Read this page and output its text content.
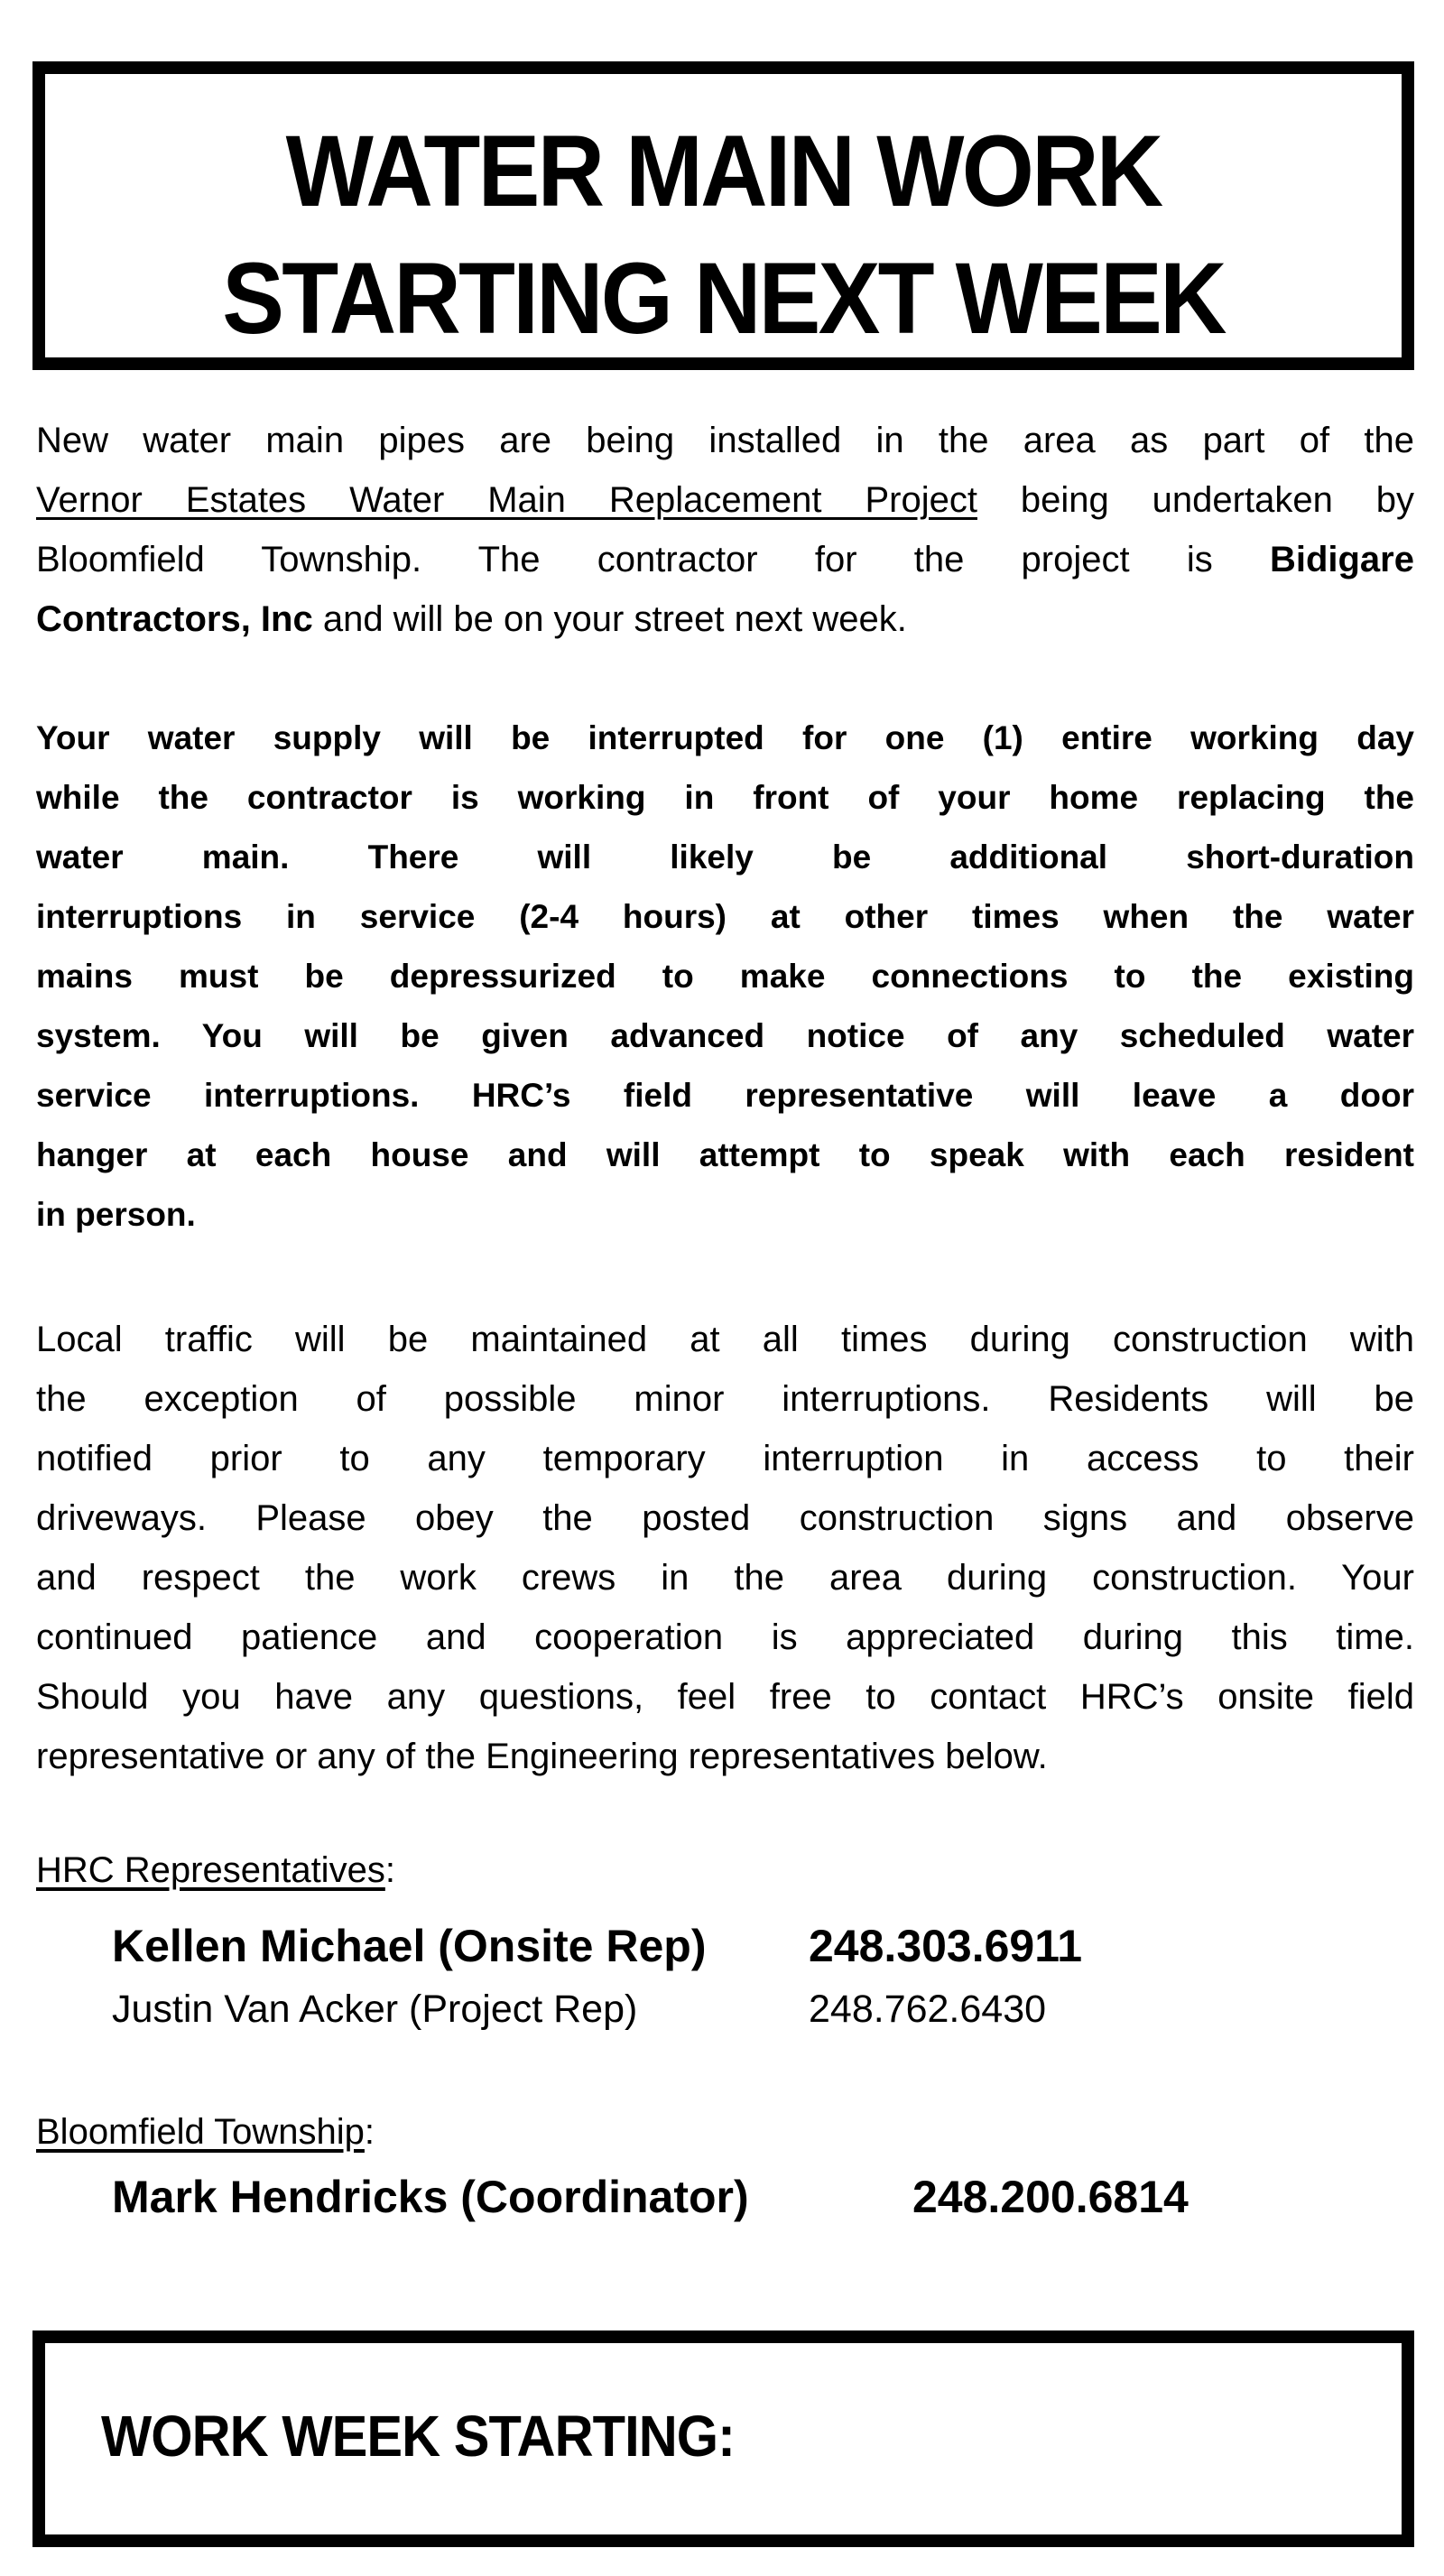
WATER MAIN WORK
STARTING NEXT WEEK
New water main pipes are being installed in the area as part of the
Vernor Estates Water Main Replacement Project being undertaken by
Bloomfield Township. The contractor for the project is Bidigare
Contractors, Inc and will be on your street next week.
Your water supply will be interrupted for one (1) entire working day
while the contractor is working in front of your home replacing the
water main. There will likely be additional short-duration
interruptions in service (2-4 hours) at other times when the water
mains must be depressurized to make connections to the existing
system. You will be given advanced notice of any scheduled water
service interruptions. HRC’s field representative will leave a door
hanger at each house and will attempt to speak with each resident
in person.
Local traffic will be maintained at all times during construction with
the exception of possible minor interruptions. Residents will be
notified prior to any temporary interruption in access to their
driveways. Please obey the posted construction signs and observe
and respect the work crews in the area during construction. Your
continued patience and cooperation is appreciated during this time.
Should you have any questions, feel free to contact HRC’s onsite field
representative or any of the Engineering representatives below.
HRC Representatives:
Kellen Michael (Onsite Rep) 248.303.6911
Justin Van Acker (Project Rep)	248.762.6430
Bloomfield Township:
Mark Hendricks (Coordinator)	248.200.6814
WORK WEEK STARTING:
